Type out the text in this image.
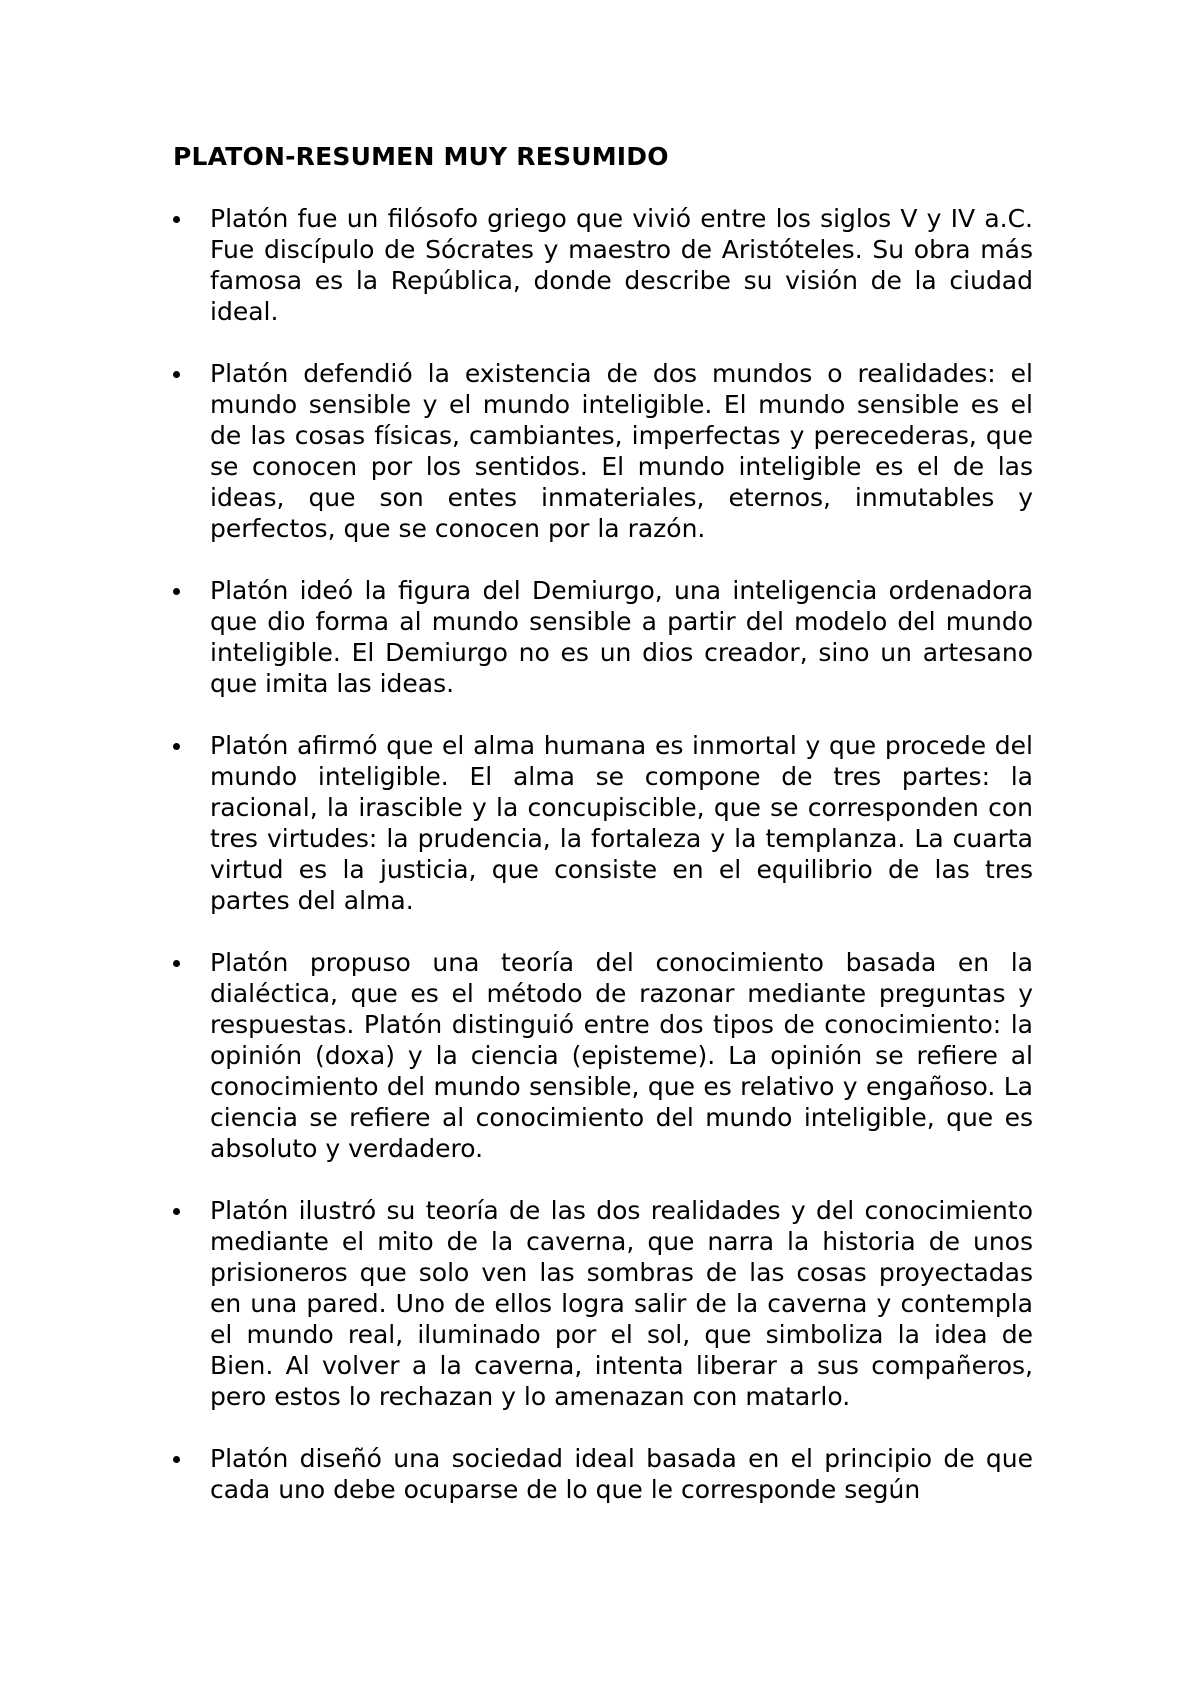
PLATON-RESUMEN MUY RESUMIDO
Platón fue un filósofo griego que vivió entre los siglos V y IV a.C. Fue discípulo de Sócrates y maestro de Aristóteles. Su obra más famosa es la República, donde describe su visión de la ciudad ideal.
Platón defendió la existencia de dos mundos o realidades: el mundo sensible y el mundo inteligible. El mundo sensible es el de las cosas físicas, cambiantes, imperfectas y perecederas, que se conocen por los sentidos. El mundo inteligible es el de las ideas, que son entes inmateriales, eternos, inmutables y perfectos, que se conocen por la razón.
Platón ideó la figura del Demiurgo, una inteligencia ordenadora que dio forma al mundo sensible a partir del modelo del mundo inteligible. El Demiurgo no es un dios creador, sino un artesano que imita las ideas.
Platón afirmó que el alma humana es inmortal y que procede del mundo inteligible. El alma se compone de tres partes: la racional, la irascible y la concupiscible, que se corresponden con tres virtudes: la prudencia, la fortaleza y la templanza. La cuarta virtud es la justicia, que consiste en el equilibrio de las tres partes del alma.
Platón propuso una teoría del conocimiento basada en la dialéctica, que es el método de razonar mediante preguntas y respuestas. Platón distinguió entre dos tipos de conocimiento: la opinión (doxa) y la ciencia (episteme). La opinión se refiere al conocimiento del mundo sensible, que es relativo y engañoso. La ciencia se refiere al conocimiento del mundo inteligible, que es absoluto y verdadero.
Platón ilustró su teoría de las dos realidades y del conocimiento mediante el mito de la caverna, que narra la historia de unos prisioneros que solo ven las sombras de las cosas proyectadas en una pared. Uno de ellos logra salir de la caverna y contempla el mundo real, iluminado por el sol, que simboliza la idea de Bien. Al volver a la caverna, intenta liberar a sus compañeros, pero estos lo rechazan y lo amenazan con matarlo.
Platón diseñó una sociedad ideal basada en el principio de que cada uno debe ocuparse de lo que le corresponde según
